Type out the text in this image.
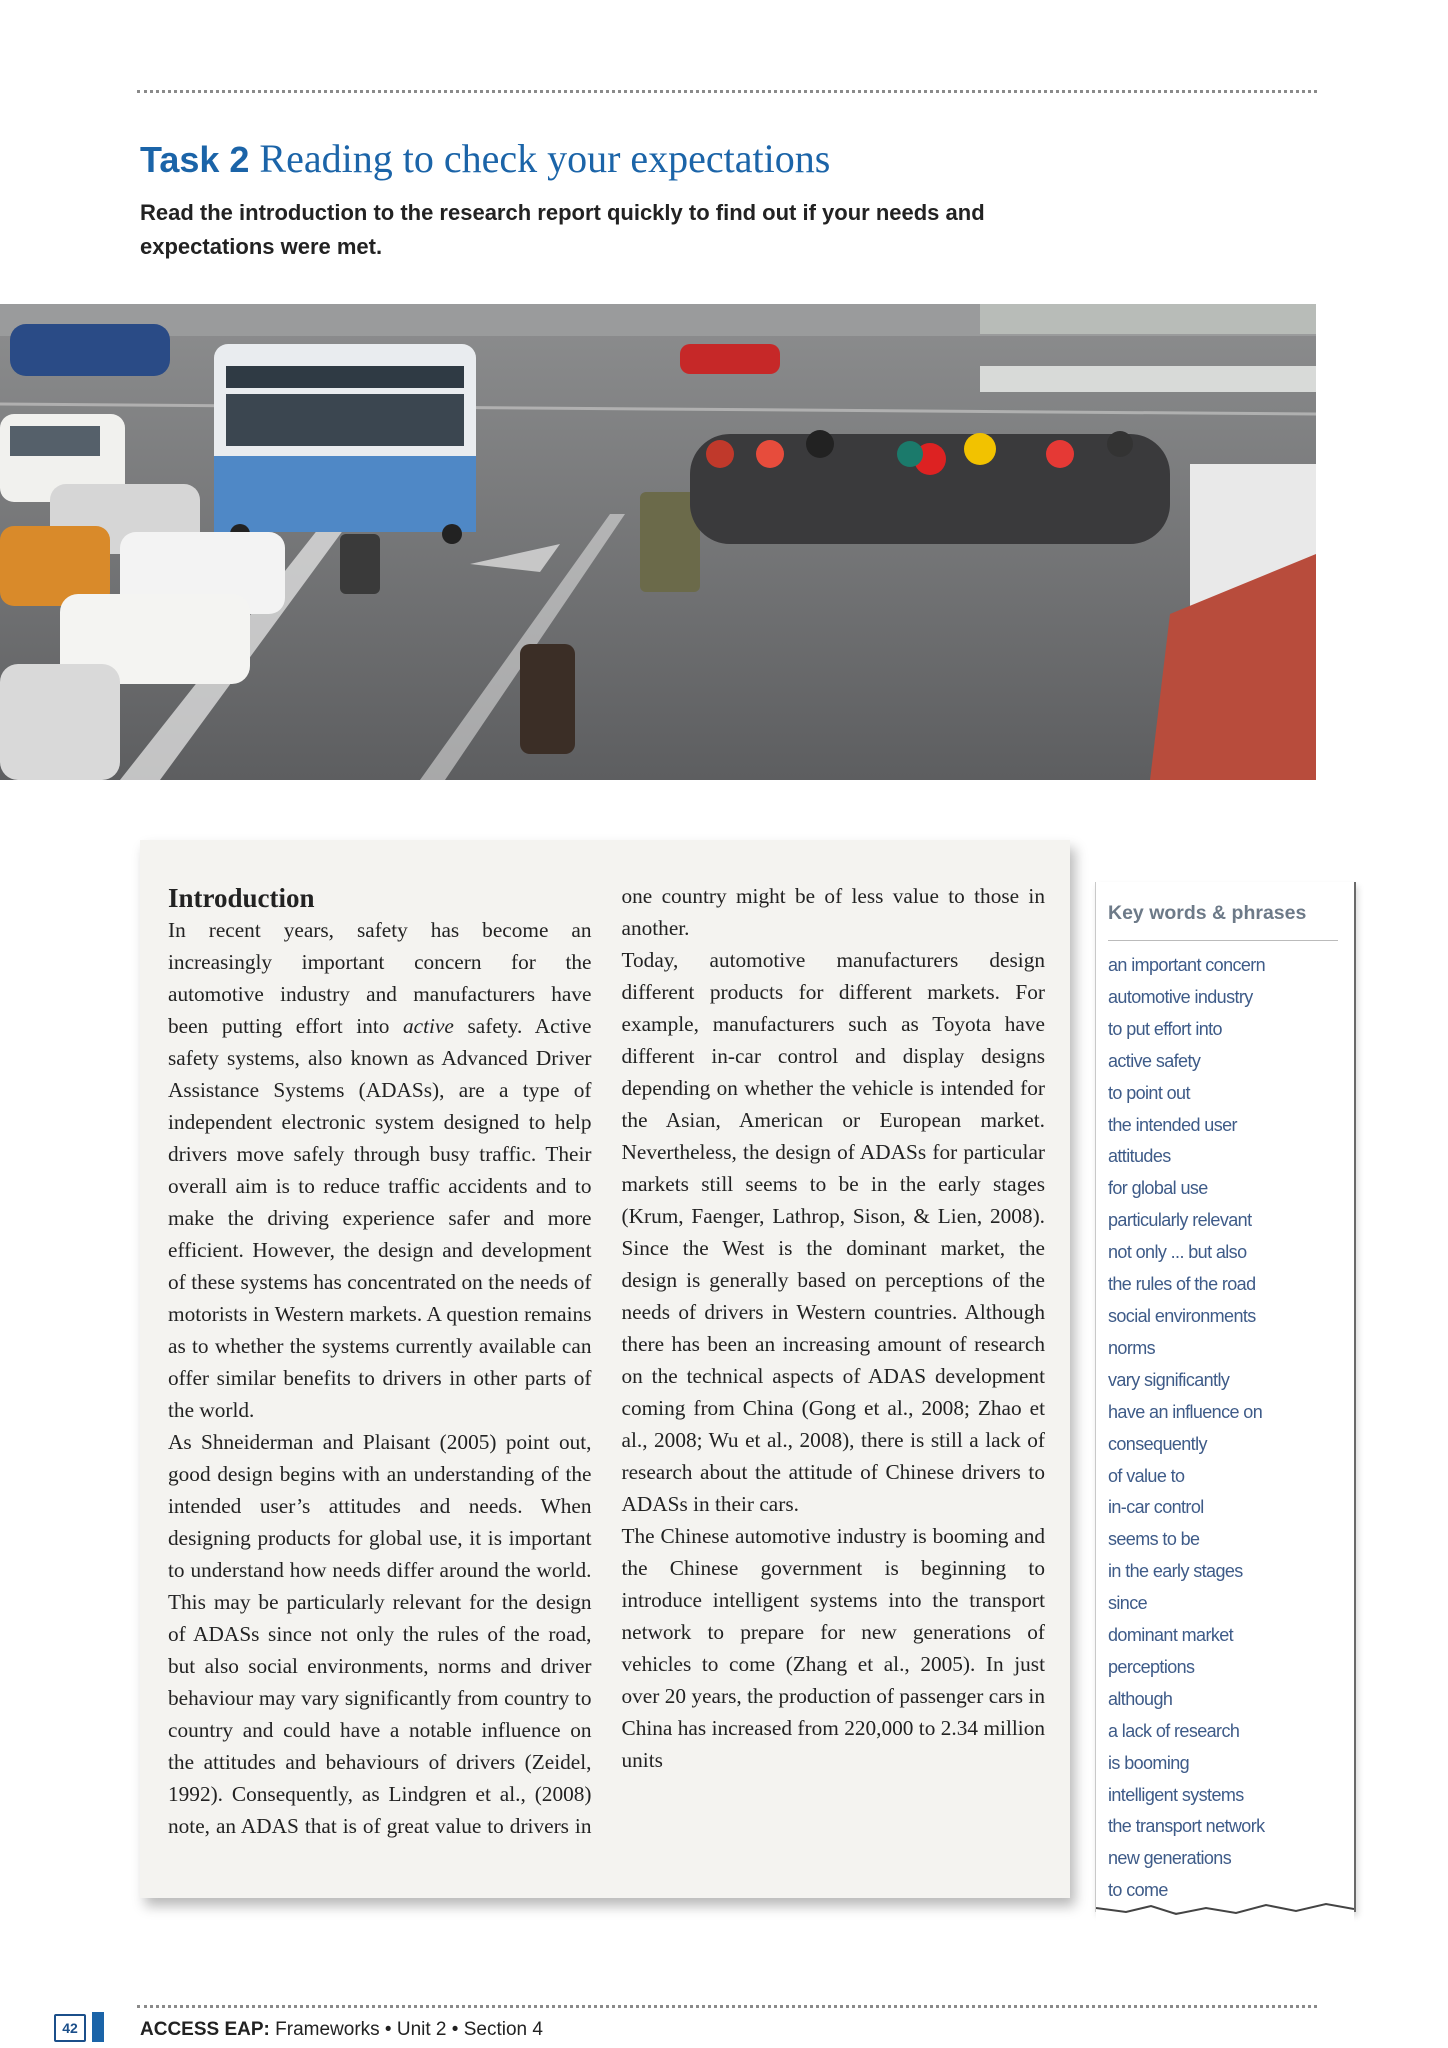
Task 2 Reading to check your expectations

Read the introduction to the research report quickly to find out if your needs and expectations were met.

Introduction

In recent years, safety has become an increasingly important concern for the automotive industry and manufacturers have been putting effort into active safety. Active safety systems, also known as Advanced Driver Assistance Systems (ADASs), are a type of independent electronic system designed to help drivers move safely through busy traffic. Their overall aim is to reduce traffic accidents and to make the driving experience safer and more efficient. However, the design and development of these systems has concentrated on the needs of motorists in Western markets. A question remains as to whether the systems currently available can offer similar benefits to drivers in other parts of the world.

As Shneiderman and Plaisant (2005) point out, good design begins with an understanding of the intended user’s attitudes and needs. When designing products for global use, it is important to understand how needs differ around the world. This may be particularly relevant for the design of ADASs since not only the rules of the road, but also social environments, norms and driver behaviour may vary significantly from country to country and could have a notable influence on the attitudes and behaviours of drivers (Zeidel, 1992). Consequently, as Lindgren et al., (2008) note, an ADAS that is of great value to drivers in one country might be of less value to those in another.

Today, automotive manufacturers design different products for different markets. For example, manufacturers such as Toyota have different in-car control and display designs depending on whether the vehicle is intended for the Asian, American or European market. Nevertheless, the design of ADASs for particular markets still seems to be in the early stages (Krum, Faenger, Lathrop, Sison, & Lien, 2008). Since the West is the dominant market, the design is generally based on perceptions of the needs of drivers in Western countries. Although there has been an increasing amount of research on the technical aspects of ADAS development coming from China (Gong et al., 2008; Zhao et al., 2008; Wu et al., 2008), there is still a lack of research about the attitude of Chinese drivers to ADASs in their cars.

The Chinese automotive industry is booming and the Chinese government is beginning to introduce intelligent systems into the transport network to prepare for new generations of vehicles to come (Zhang et al., 2005). In just over 20 years, the production of passenger cars in China has increased from 220,000 to 2.34 million units

Key words & phrases
an important concern
automotive industry
to put effort into
active safety
to point out
the intended user
attitudes
for global use
particularly relevant
not only ... but also
the rules of the road
social environments
norms
vary significantly
have an influence on
consequently
of value to
in-car control
seems to be
in the early stages
since
dominant market
perceptions
although
a lack of research
is booming
intelligent systems
the transport network
new generations
to come
42	ACCESS EAP: Frameworks • Unit 2 • Section 4
